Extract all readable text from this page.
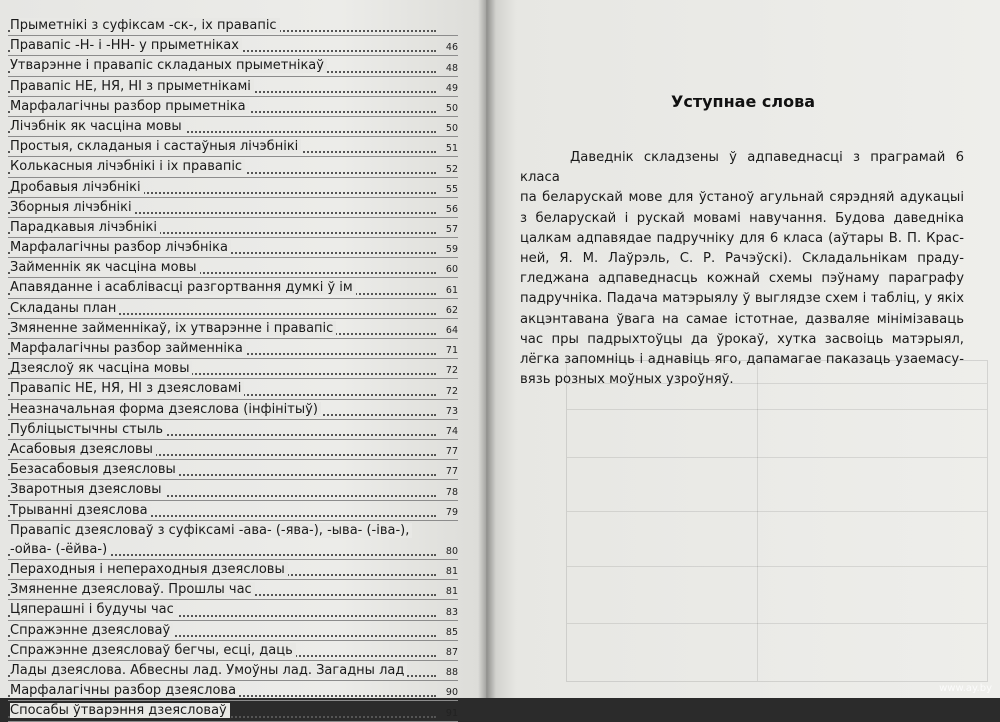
Прыметнікі з суфіксам -ск-, іх правапіс
Правапіс -Н- і -НН- у прыметніках	46
Утварэнне і правапіс складаных прыметнікаў	48
Правапіс НЕ, НЯ, НІ з прыметнікамі	49
Марфалагічны разбор прыметніка	50
Лічэбнік як часціна мовы	50
Простыя, складаныя і састаўныя лічэбнікі	51
Колькасныя лічэбнікі і іх правапіс	52
Дробавыя лічэбнікі	55
Зборныя лічэбнікі	56
Парадкавыя лічэбнікі	57
Марфалагічны разбор лічэбніка	59
Займеннік як часціна мовы	60
Апавяданне і асаблівасці разгортвання думкі ў ім	61
Складаны план	62
Змяненне займеннікаў, іх утварэнне і правапіс	64
Марфалагічны разбор займенніка	71
Дзеяслоў як часціна мовы	72
Правапіс НЕ, НЯ, НІ з дзеясловамі	72
Неазначальная форма дзеяслова (інфінітыў)	73
Публіцыстычны стыль	74
Асабовыя дзеясловы	77
Безасабовыя дзеясловы	77
Зваротныя дзеясловы	78
Трыванні дзеяслова	79
Правапіс дзеясловаў з суфіксамі -ава- (-ява-), -ыва- (-іва-),
-ойва- (-ёйва-)	80
Пераходныя і непераходныя дзеясловы	81
Змяненне дзеясловаў. Прошлы час	81
Цяперашні і будучы час	83
Спражэнне дзеясловаў	85
Спражэнне дзеясловаў бегчы, есці, даць	87
Лады дзеяслова. Абвесны лад. Умоўны лад. Загадны лад	88
Марфалагічны разбор дзеяслова	90
Спосабы ўтварэння дзеясловаў	91
Уступнае слова
Даведнік складзены ў адпаведнасці з праграмай 6 класа
па беларускай мове для ўстаноў агульнай сярэдняй адукацыі
з беларускай і рускай мовамі навучання. Будова даведніка
цалкам адпавядае падручніку для 6 класа (аўтары В. П. Крас-
ней, Я. М. Лаўрэль, С. Р. Рачэўскі). Складальнікам праду-
гледжана адпаведнасць кожнай схемы пэўнаму параграфу
падручніка. Падача матэрыялу ў выглядзе схем і табліц, у якіх
акцэнтавана ўвага на самае істотнае, дазваляе мінімізаваць
час пры падрыхтоўцы да ўрокаў, хутка засвоіць матэрыял,
лёгка запомніць і аднавіць яго, дапамагае паказаць узаемасу-
вязь розных моўных узроўняў.
www.ay.by
